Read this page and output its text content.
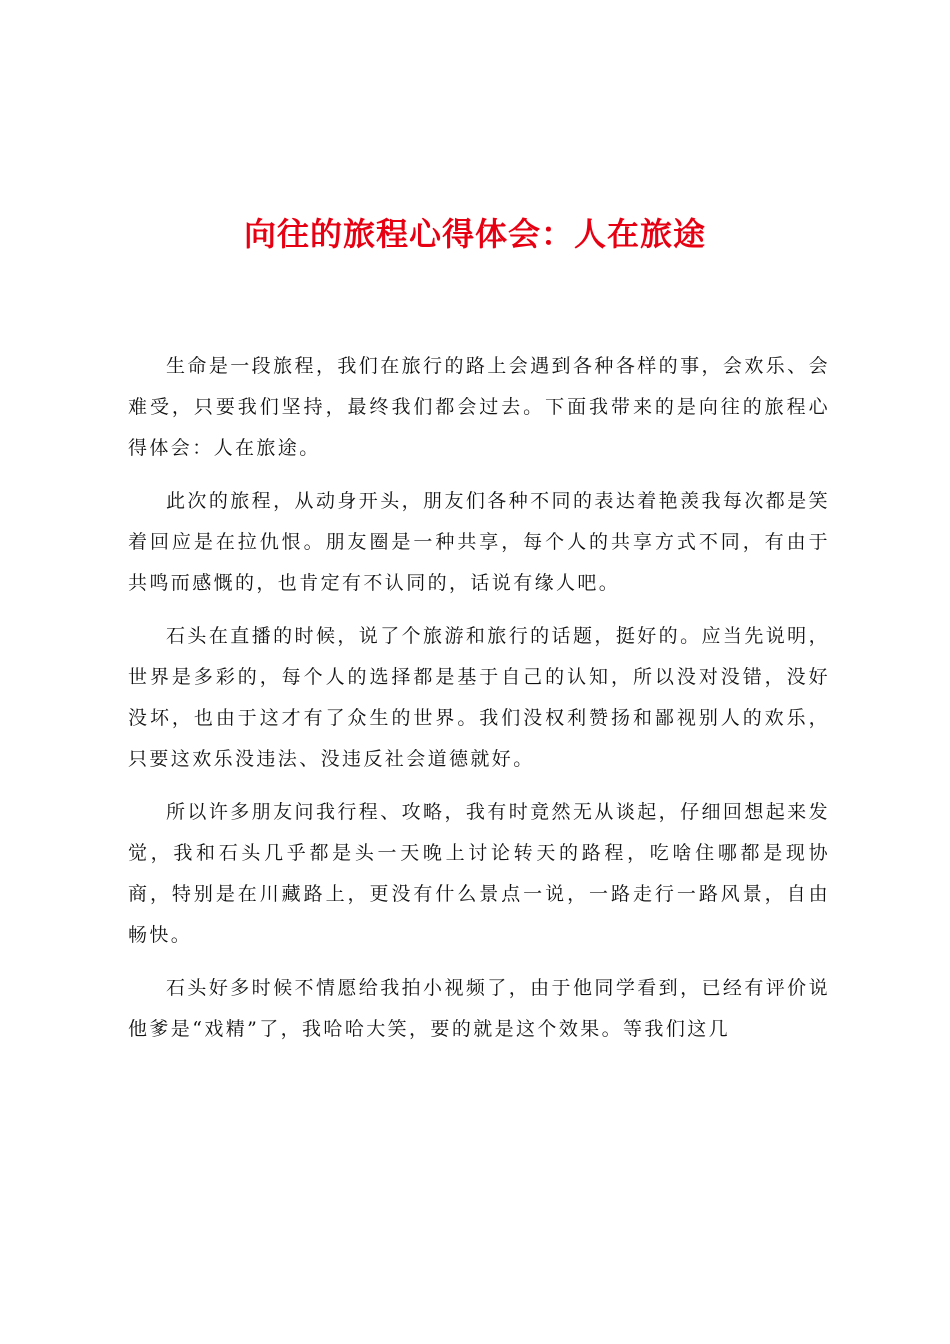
向往的旅程心得体会：人在旅途

生命是一段旅程，我们在旅行的路上会遇到各种各样的事，会欢乐、会难受，只要我们坚持，最终我们都会过去。下面我带来的是向往的旅程心得体会：人在旅途。

此次的旅程，从动身开头，朋友们各种不同的表达着艳羡我每次都是笑着回应是在拉仇恨。朋友圈是一种共享，每个人的共享方式不同，有由于共鸣而感慨的，也肯定有不认同的，话说有缘人吧。

石头在直播的时候，说了个旅游和旅行的话题，挺好的。应当先说明，世界是多彩的，每个人的选择都是基于自己的认知，所以没对没错，没好没坏，也由于这才有了众生的世界。我们没权利赞扬和鄙视别人的欢乐，只要这欢乐没违法、没违反社会道德就好。

所以许多朋友问我行程、攻略，我有时竟然无从谈起，仔细回想起来发觉，我和石头几乎都是头一天晚上讨论转天的路程，吃啥住哪都是现协商，特别是在川藏路上，更没有什么景点一说，一路走行一路风景，自由畅快。

石头好多时候不情愿给我拍小视频了，由于他同学看到，已经有评价说他爹是“戏精”了，我哈哈大笑，要的就是这个效果。等我们这几
